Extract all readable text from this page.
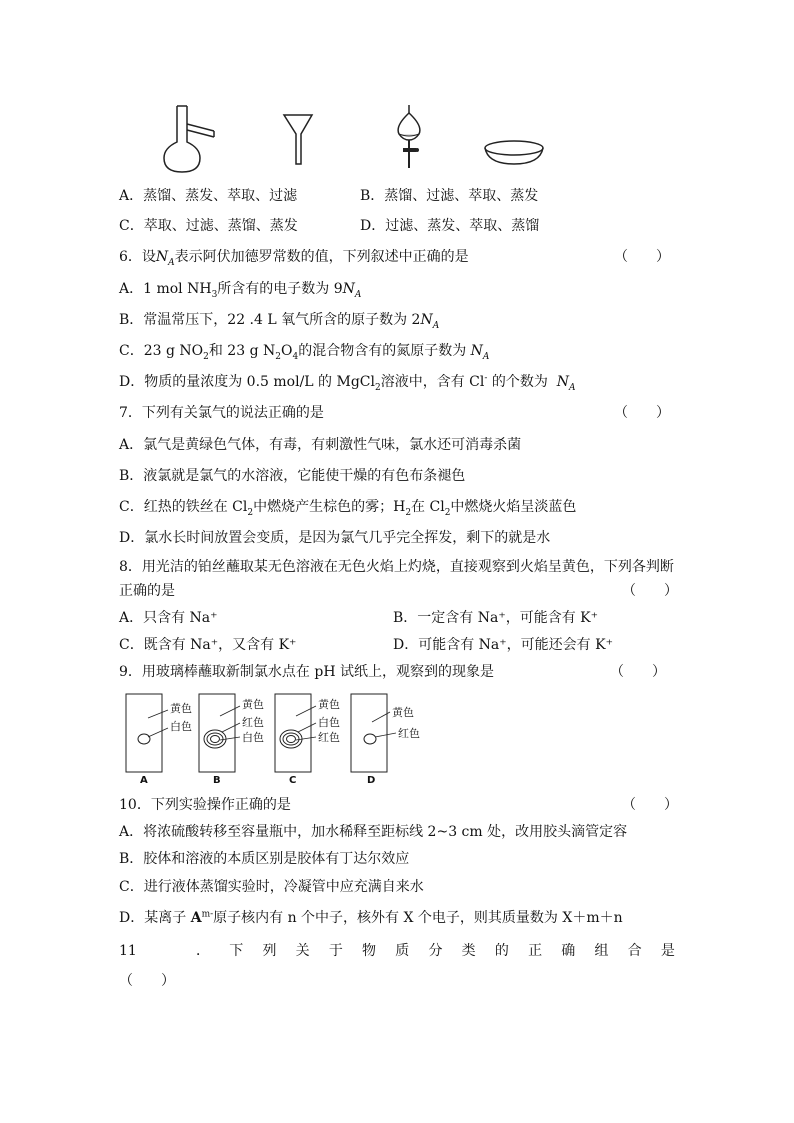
A．蒸馏、蒸发、萃取、过滤	B．蒸馏、过滤、萃取、蒸发
C．萃取、过滤、蒸馏、蒸发	D．过滤、蒸发、萃取、蒸馏
6．设$N_A$表示阿伏加德罗常数的值，下列叙述中正确的是	（　　）
A．1 mol $NH_3$所含有的电子数为 $9N_A$
B．常温常压下，22 .4 L 氧气所含的原子数为 $2N_A$
C．23 g $NO_2$和 23 g $N_2O_4$的混合物含有的氮原子数为 $N_A$
D．物质的量浓度为 0.5 mol/L 的 MgCl$_2$溶液中，含有 Cl- 的个数为  $N_A$
7．下列有关氯气的说法正确的是	（　　）
A．氯气是黄绿色气体，有毒，有刺激性气味，氯水还可消毒杀菌
B．液氯就是氯气的水溶液，它能使干燥的有色布条褪色
C．红热的铁丝在 $Cl_2$中燃烧产生棕色的雾；$H_2$在 $Cl_2$中燃烧火焰呈淡蓝色
D．氯水长时间放置会变质，是因为氯气几乎完全挥发，剩下的就是水
8．用光洁的铂丝蘸取某无色溶液在无色火焰上灼烧，直接观察到火焰呈黄色，下列各判断
正确的是	（　　）
A．只含有 Na⁺	B．一定含有 Na⁺，可能含有 K⁺
C．既含有 Na⁺，又含有 K⁺	D．可能含有 Na⁺，可能还会有 K⁺
9．用玻璃棒蘸取新制氯水点在 pH 试纸上，观察到的现象是	（　　）
黄色
白色
黄色
红色
白色
黄色
白色
红色
黄色
红色
A	B	C	D
10．下列实验操作正确的是	（　　）
A．将浓硫酸转移至容量瓶中，加水稀释至距标线 2~3 cm 处，改用胶头滴管定容
B．胶体和溶液的本质区别是胶体有丁达尔效应
C．进行液体蒸馏实验时，冷凝管中应充满自来水
D．某离子 $A^{m-}$原子核内有 n 个中子，核外有 X 个电子，则其质量数为 X＋m＋n
11	． 下 列 关 于 物 质 分 类 的 正 确 组 合 是
（　　）
